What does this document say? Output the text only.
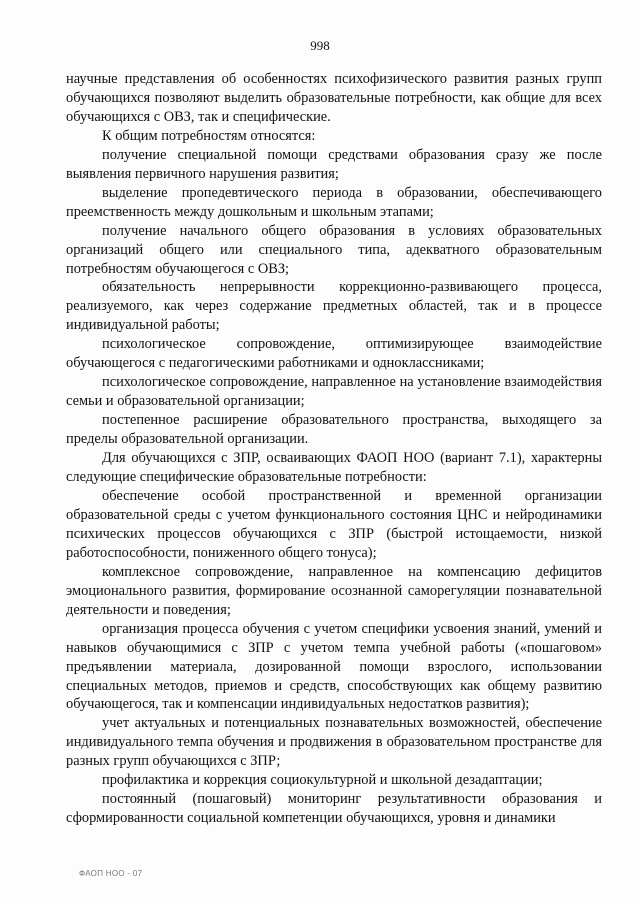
998

научные представления об особенностях психофизического развития разных групп обучающихся позволяют выделить образовательные потребности, как общие для всех обучающихся с ОВЗ, так и специфические.

К общим потребностям относятся:

получение специальной помощи средствами образования сразу же после выявления первичного нарушения развития;

выделение пропедевтического периода в образовании, обеспечивающего преемственность между дошкольным и школьным этапами;

получение начального общего образования в условиях образовательных организаций общего или специального типа, адекватного образовательным потребностям обучающегося с ОВЗ;

обязательность непрерывности коррекционно-развивающего процесса, реализуемого, как через содержание предметных областей, так и в процессе индивидуальной работы;

психологическое сопровождение, оптимизирующее взаимодействие обучающегося с педагогическими работниками и одноклассниками;

психологическое сопровождение, направленное на установление взаимодействия семьи и образовательной организации;

постепенное расширение образовательного пространства, выходящего за пределы образовательной организации.

Для обучающихся с ЗПР, осваивающих ФАОП НОО (вариант 7.1), характерны следующие специфические образовательные потребности:

обеспечение особой пространственной и временной организации образовательной среды с учетом функционального состояния ЦНС и нейродинамики психических процессов обучающихся с ЗПР (быстрой истощаемости, низкой работоспособности, пониженного общего тонуса);

комплексное сопровождение, направленное на компенсацию дефицитов эмоционального развития, формирование осознанной саморегуляции познавательной деятельности и поведения;

организация процесса обучения с учетом специфики усвоения знаний, умений и навыков обучающимися с ЗПР с учетом темпа учебной работы («пошаговом» предъявлении материала, дозированной помощи взрослого, использовании специальных методов, приемов и средств, способствующих как общему развитию обучающегося, так и компенсации индивидуальных недостатков развития);

учет актуальных и потенциальных познавательных возможностей, обеспечение индивидуального темпа обучения и продвижения в образовательном пространстве для разных групп обучающихся с ЗПР;

профилактика и коррекция социокультурной и школьной дезадаптации;

постоянный (пошаговый) мониторинг результативности образования и сформированности социальной компетенции обучающихся, уровня и динамики

ФАОП НОО - 07
